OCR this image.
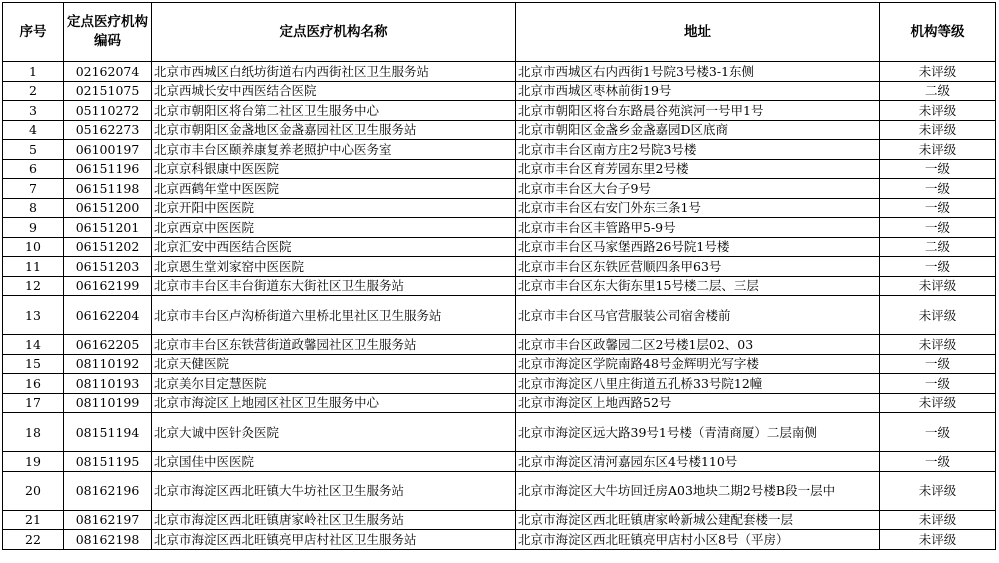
序号	定点医疗机构编码	定点医疗机构名称	地址	机构等级
1	02162074	北京市西城区白纸坊街道右内西街社区卫生服务站	北京市西城区右内西街1号院3号楼3-1东侧	未评级
2	02151075	北京西城长安中西医结合医院	北京市西城区枣林前街19号	二级
3	05110272	北京市朝阳区将台第二社区卫生服务中心	北京市朝阳区将台东路晨谷苑滨河一号甲1号	未评级
4	05162273	北京市朝阳区金盏地区金盏嘉园社区卫生服务站	北京市朝阳区金盏乡金盏嘉园D区底商	未评级
5	06100197	北京市丰台区颐养康复养老照护中心医务室	北京市丰台区南方庄2号院3号楼	未评级
6	06151196	北京京科银康中医医院	北京市丰台区育芳园东里2号楼	一级
7	06151198	北京西鹤年堂中医医院	北京市丰台区大台子9号	一级
8	06151200	北京开阳中医医院	北京市丰台区右安门外东三条1号	一级
9	06151201	北京西京中医医院	北京市丰台区丰管路甲5-9号	一级
10	06151202	北京汇安中西医结合医院	北京市丰台区马家堡西路26号院1号楼	二级
11	06151203	北京恩生堂刘家窑中医医院	北京市丰台区东铁匠营顺四条甲63号	一级
12	06162199	北京市丰台区丰台街道东大街社区卫生服务站	北京市丰台区东大街东里15号楼二层、三层	未评级
13	06162204	北京市丰台区卢沟桥街道六里桥北里社区卫生服务站	北京市丰台区马官营服装公司宿舍楼前	未评级
14	06162205	北京市丰台区东铁营街道政馨园社区卫生服务站	北京市丰台区政馨园二区2号楼1层02、03	未评级
15	08110192	北京天健医院	北京市海淀区学院南路48号金辉明光写字楼	一级
16	08110193	北京美尔目定慧医院	北京市海淀区八里庄街道五孔桥33号院12幢	一级
17	08110199	北京市海淀区上地园区社区卫生服务中心	北京市海淀区上地西路52号	未评级
18	08151194	北京大诚中医针灸医院	北京市海淀区远大路39号1号楼（青清商厦）二层南侧	一级
19	08151195	北京国佳中医医院	北京市海淀区清河嘉园东区4号楼110号	一级
20	08162196	北京市海淀区西北旺镇大牛坊社区卫生服务站	北京市海淀区大牛坊回迁房A03地块二期2号楼B段一层中	未评级
21	08162197	北京市海淀区西北旺镇唐家岭社区卫生服务站	北京市海淀区西北旺镇唐家岭新城公建配套楼一层	未评级
22	08162198	北京市海淀区西北旺镇亮甲店村社区卫生服务站	北京市海淀区西北旺镇亮甲店村小区8号（平房）	未评级
